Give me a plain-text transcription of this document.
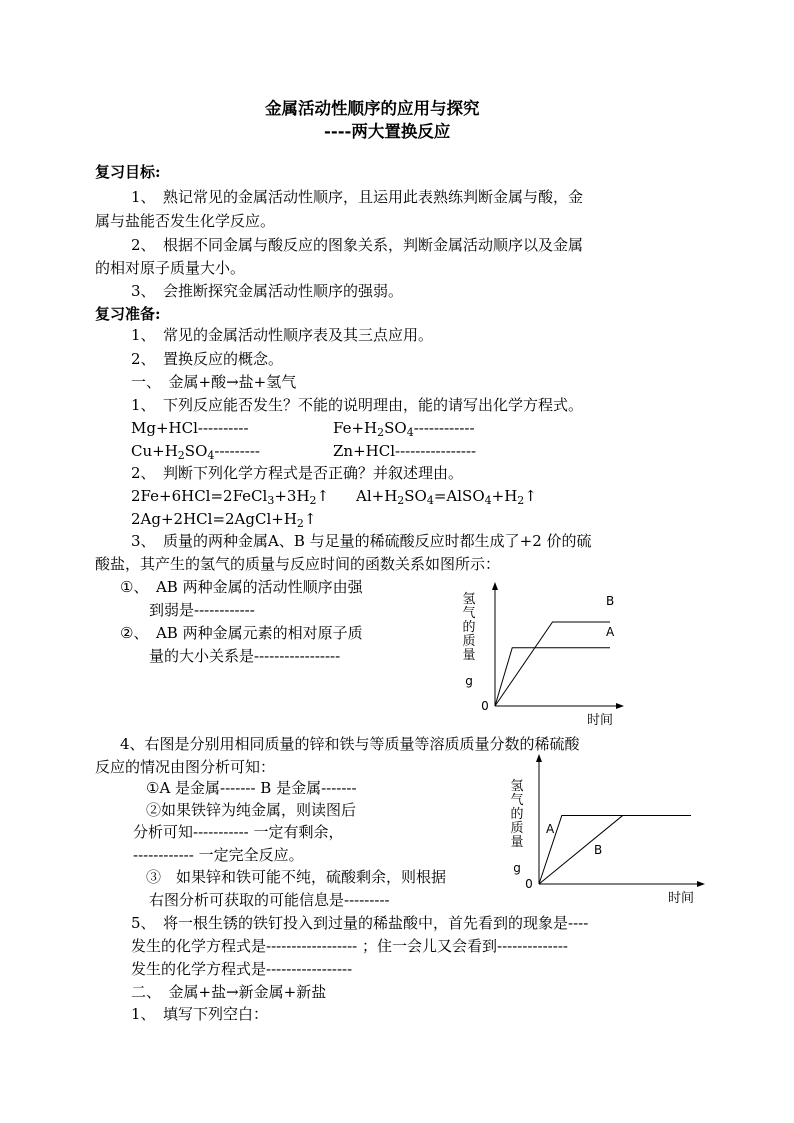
金属活动性顺序的应用与探究
----两大置换反应
复习目标:
1、　熟记常见的金属活动性顺序，且运用此表熟练判断金属与酸，金
属与盐能否发生化学反应。
2、　根据不同金属与酸反应的图象关系，判断金属活动顺序以及金属
的相对原子质量大小。
3、　会推断探究金属活动性顺序的强弱。
复习准备:
1、　常见的金属活动性顺序表及其三点应用。
2、　置换反应的概念。
一、　金属+酸→盐+氢气
1、　下列反应能否发生？不能的说明理由，能的请写出化学方程式。
Mg+HCl----------	$Fe+H_2SO_4------------$
$Cu+H_2SO_4---------$	Zn+HCl----------------
2、　判断下列化学方程式是否正确？并叙述理由。
$2Fe+6HCl=2FeCl_3+3H_2↑$ $Al+H_2SO_4=AlSO_4+H_2↑$
$2Ag+2HCl=2AgCl+H_2↑$
3、　质量的两种金属A、B 与足量的稀硫酸反应时都生成了+2 价的硫
酸盐，其产生的氢气的质量与反应时间的函数关系如图所示：
①、　AB 两种金属的活动性顺序由强
到弱是------------
②、　AB 两种金属元素的相对原子质
量的大小关系是-----------------
氢
气
的
质
量
g
0
时间
B
A
4、右图是分别用相同质量的锌和铁与等质量等溶质质量分数的稀硫酸
反应的情况由图分析可知：
①A 是金属------- B 是金属-------
②如果铁锌为纯金属，则读图后
分析可知----------- 一定有剩余，
------------ 一定完全反应。
③　如果锌和铁可能不纯，硫酸剩余，则根据
右图分析可获取的可能信息是---------
氢
气
的
质
量
g
0
时间
A
B
5、　将一根生锈的铁钉投入到过量的稀盐酸中，首先看到的现象是----
发生的化学方程式是------------------ ；住一会儿又会看到--------------
发生的化学方程式是-----------------
二、　金属+盐→新金属+新盐
1、　填写下列空白：
